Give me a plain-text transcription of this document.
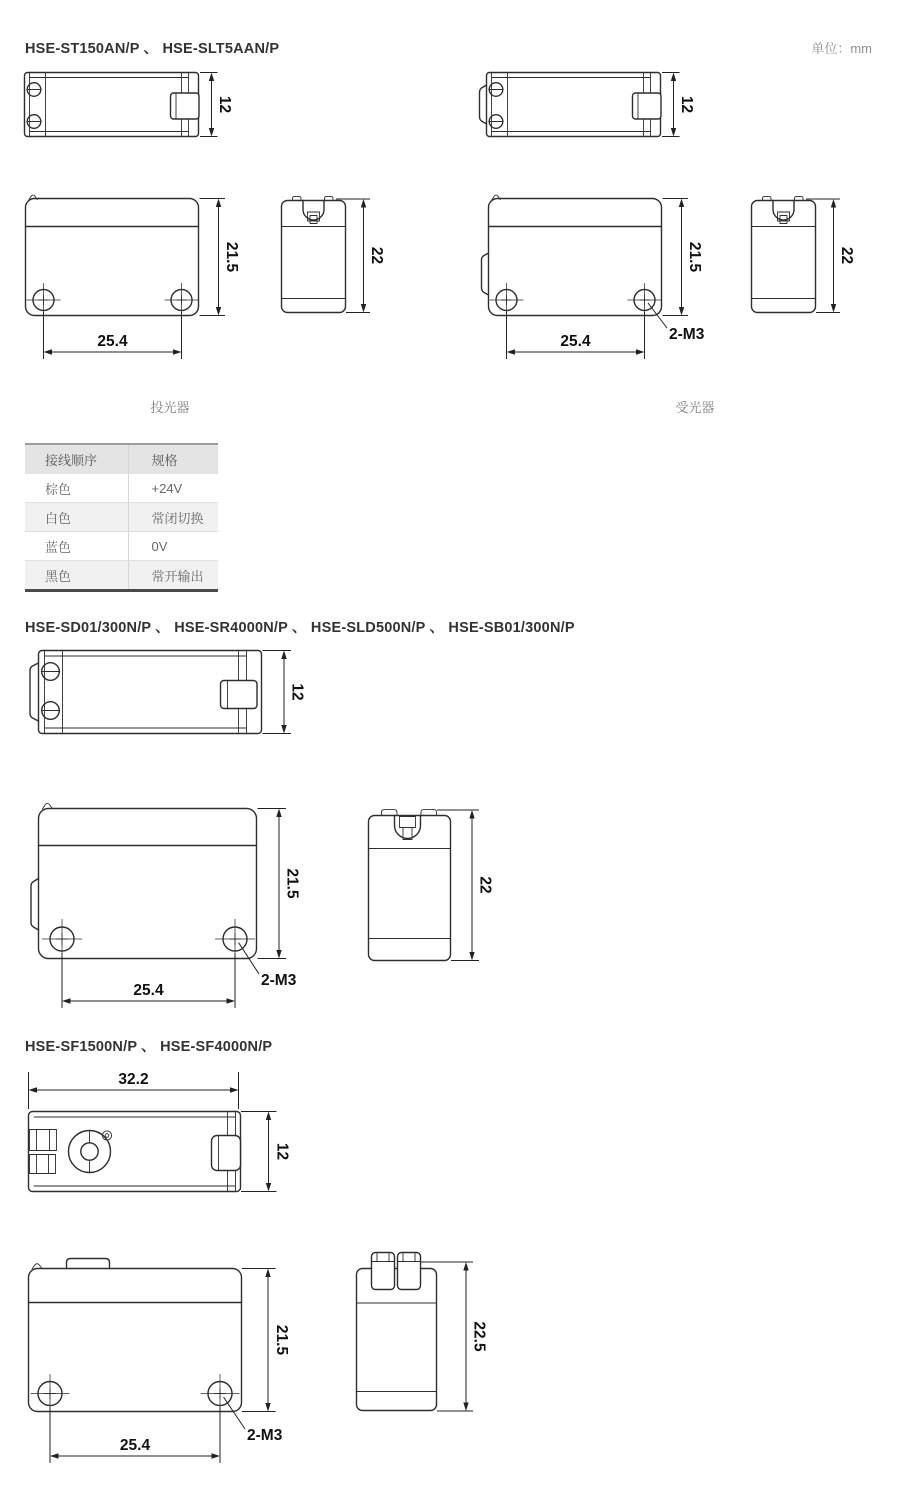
HSE-ST150AN/P 、 HSE-SLT5AAN/P	单位：mm
12	12
21.5
25.4
22	21.5
25.4	2-M3
22
投光器	受光器
接线顺序	规格
棕色	+24V
白色	常闭切换
蓝色	0V
黑色	常开输出
HSE-SD01/300N/P 、 HSE-SR4000N/P 、 HSE-SLD500N/P 、 HSE-SB01/300N/P
12
21.5
25.4
2-M3
22
HSE-SF1500N/P 、 HSE-SF4000N/P
32.2
12
21.5
25.4
2-M3
22.5
